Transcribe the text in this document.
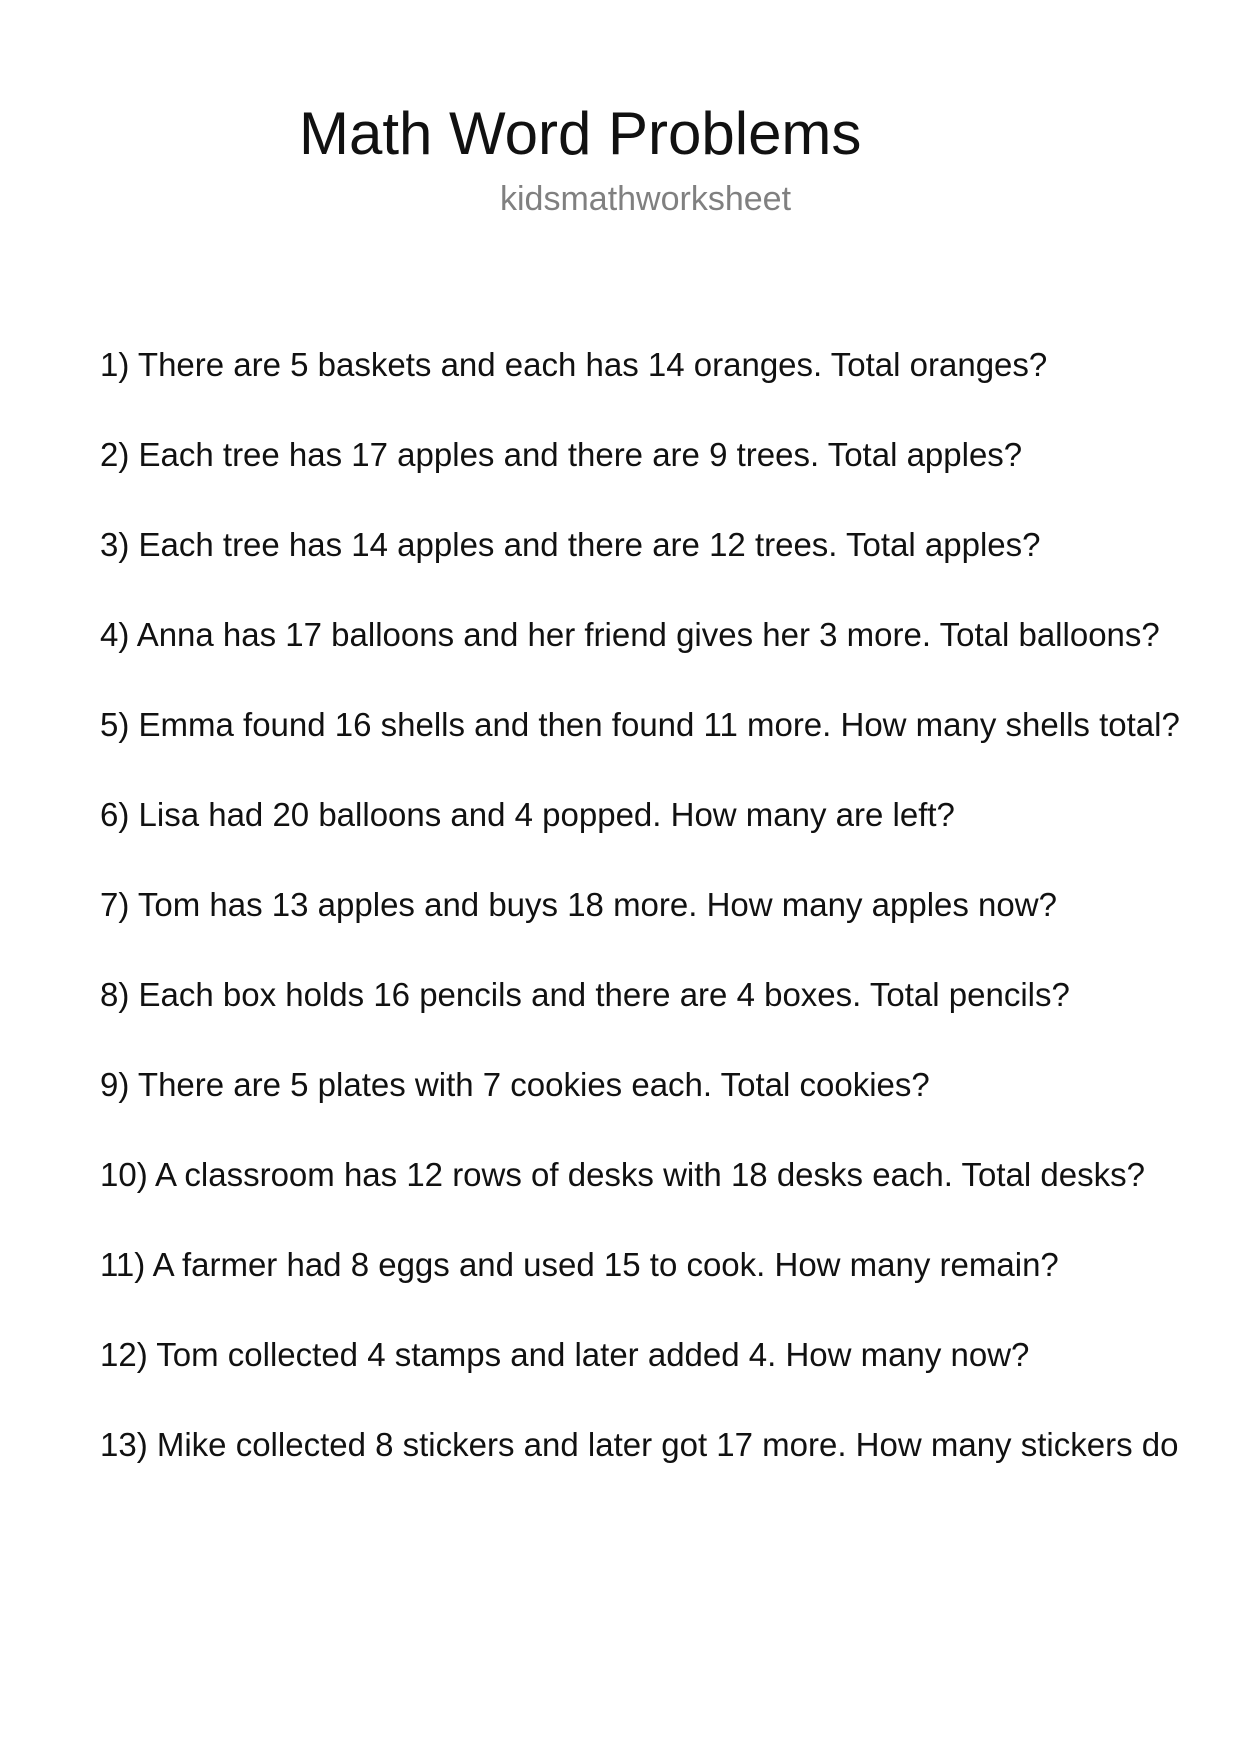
Math Word Problems
kidsmathworksheet
1) There are 5 baskets and each has 14 oranges. Total oranges?
2) Each tree has 17 apples and there are 9 trees. Total apples?
3) Each tree has 14 apples and there are 12 trees. Total apples?
4) Anna has 17 balloons and her friend gives her 3 more. Total balloons?
5) Emma found 16 shells and then found 11 more. How many shells total?
6) Lisa had 20 balloons and 4 popped. How many are left?
7) Tom has 13 apples and buys 18 more. How many apples now?
8) Each box holds 16 pencils and there are 4 boxes. Total pencils?
9) There are 5 plates with 7 cookies each. Total cookies?
10) A classroom has 12 rows of desks with 18 desks each. Total desks?
11) A farmer had 8 eggs and used 15 to cook. How many remain?
12) Tom collected 4 stamps and later added 4. How many now?
13) Mike collected 8 stickers and later got 17 more. How many stickers do
